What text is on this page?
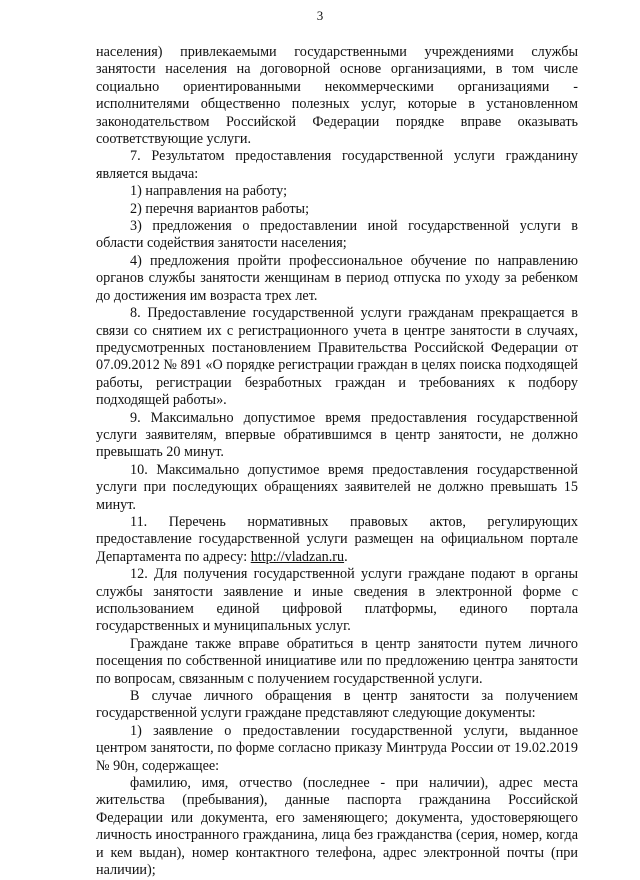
3

населения) привлекаемыми государственными учреждениями службы занятости населения на договорной основе организациями, в том числе социально ориентированными некоммерческими организациями - исполнителями общественно полезных услуг, которые в установленном законодательством Российской Федерации порядке вправе оказывать соответствующие услуги.

7. Результатом предоставления государственной услуги гражданину является выдача:

1) направления на работу;

2) перечня вариантов работы;

3) предложения о предоставлении иной государственной услуги в области содействия занятости населения;

4) предложения пройти профессиональное обучение по направлению органов службы занятости женщинам в период отпуска по уходу за ребенком до достижения им возраста трех лет.

8. Предоставление государственной услуги гражданам прекращается в связи со снятием их с регистрационного учета в центре занятости в случаях, предусмотренных постановлением Правительства Российской Федерации от 07.09.2012 № 891 «О порядке регистрации граждан в целях поиска подходящей работы, регистрации безработных граждан и требованиях к подбору подходящей работы».

9. Максимально допустимое время предоставления государственной услуги заявителям, впервые обратившимся в центр занятости, не должно превышать 20 минут.

10. Максимально допустимое время предоставления государственной услуги при последующих обращениях заявителей не должно превышать 15 минут.

11. Перечень нормативных правовых актов, регулирующих предоставление государственной услуги размещен на официальном портале Департамента по адресу: http://vladzan.ru.

12. Для получения государственной услуги граждане подают в органы службы занятости заявление и иные сведения в электронной форме с использованием единой цифровой платформы, единого портала государственных и муниципальных услуг.

Граждане также вправе обратиться в центр занятости путем личного посещения по собственной инициативе или по предложению центра занятости по вопросам, связанным с получением государственной услуги.

В случае личного обращения в центр занятости за получением государственной услуги граждане представляют следующие документы:

1) заявление о предоставлении государственной услуги, выданное центром занятости, по форме согласно приказу Минтруда России от 19.02.2019 № 90н, содержащее:

фамилию, имя, отчество (последнее - при наличии), адрес места жительства (пребывания), данные паспорта гражданина Российской Федерации или документа, его заменяющего; документа, удостоверяющего личность иностранного гражданина, лица без гражданства (серия, номер, когда и кем выдан), номер контактного телефона, адрес электронной почты (при наличии);
